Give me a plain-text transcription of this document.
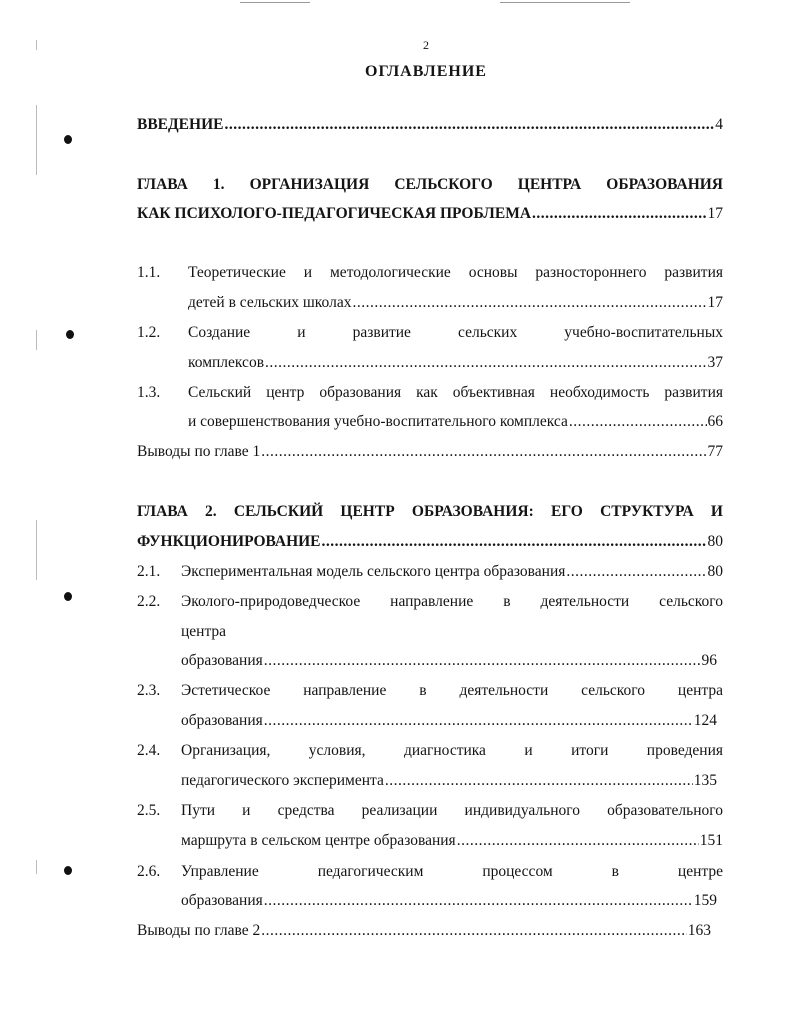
2
ОГЛАВЛЕНИЕ
ВВЕДЕНИЕ .....	4
ГЛАВА 1. ОРГАНИЗАЦИЯ СЕЛЬСКОГО ЦЕНТРА ОБРАЗОВАНИЯ
КАК ПСИХОЛОГО-ПЕДАГОГИЧЕСКАЯ ПРОБЛЕМА .....	17
1.1. Теоретические и методологические основы разностороннего развития
детей в сельских школах .....	17
1.2. Создание и развитие сельских учебно-воспитательных
комплексов .....	37
1.3. Сельский центр образования как объективная необходимость развития
и совершенствования учебно-воспитательного комплекса .....	66
Выводы по главе 1 .....	77
ГЛАВА 2. СЕЛЬСКИЙ ЦЕНТР ОБРАЗОВАНИЯ: ЕГО СТРУКТУРА И
ФУНКЦИОНИРОВАНИЕ .....	80
2.1. Экспериментальная модель сельского центра образования .....	80
2.2. Эколого-природоведческое направление в деятельности сельского
центра
образования .....	96
2.3. Эстетическое направление в деятельности сельского центра
образования .....	124
2.4. Организация, условия, диагностика и итоги проведения
педагогического эксперимента .....	135
2.5. Пути и средства реализации индивидуального образовательного
маршрута в сельском центре образования .....	151
2.6. Управление педагогическим процессом в центре
образования .....	159
Выводы по главе 2 .....	163
